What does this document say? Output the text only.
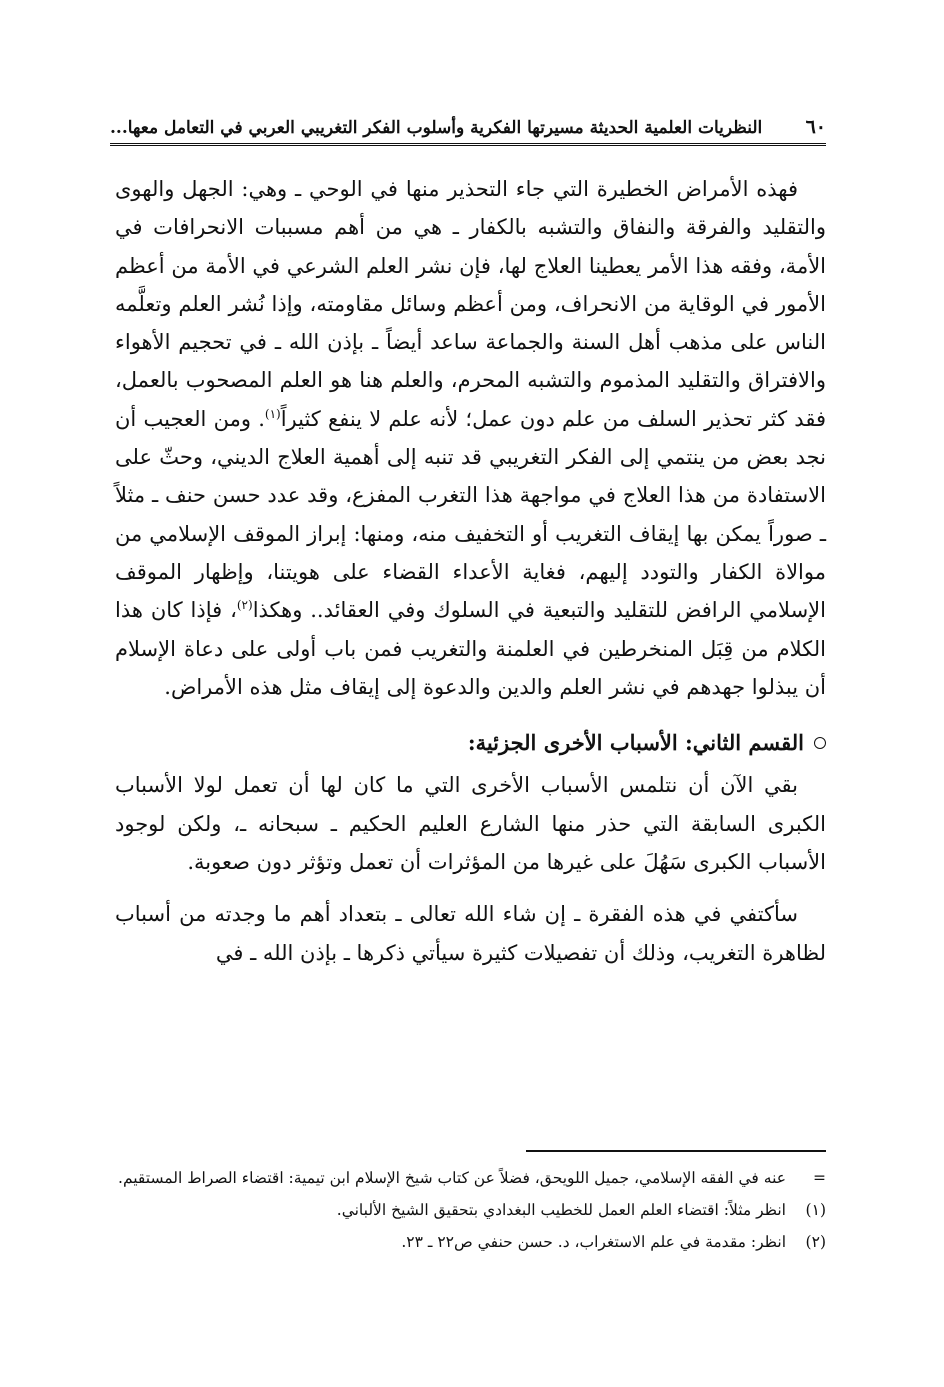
٦٠
النظريات العلمية الحديثة مسيرتها الفكرية وأسلوب الفكر التغريبي العربي في التعامل معها...

فهذه الأمراض الخطيرة التي جاء التحذير منها في الوحي ـ وهي: الجهل والهوى والتقليد والفرقة والنفاق والتشبه بالكفار ـ هي من أهم مسببات الانحرافات في الأمة، وفقه هذا الأمر يعطينا العلاج لها، فإن نشر العلم الشرعي في الأمة من أعظم الأمور في الوقاية من الانحراف، ومن أعظم وسائل مقاومته، وإذا نُشر العلم وتعلَّمه الناس على مذهب أهل السنة والجماعة ساعد أيضاً ـ بإذن الله ـ في تحجيم الأهواء والافتراق والتقليد المذموم والتشبه المحرم، والعلم هنا هو العلم المصحوب بالعمل، فقد كثر تحذير السلف من علم دون عمل؛ لأنه علم لا ينفع كثيراً$^{(١)}$. ومن العجيب أن نجد بعض من ينتمي إلى الفكر التغريبي قد تنبه إلى أهمية العلاج الديني، وحثّ على الاستفادة من هذا العلاج في مواجهة هذا التغرب المفزع، وقد عدد حسن حنف ـ مثلاً ـ صوراً يمكن بها إيقاف التغريب أو التخفيف منه، ومنها: إبراز الموقف الإسلامي من موالاة الكفار والتودد إليهم، فغاية الأعداء القضاء على هويتنا، وإظهار الموقف الإسلامي الرافض للتقليد والتبعية في السلوك وفي العقائد.. وهكذا$^{(٢)}$، فإذا كان هذا الكلام من قِبَل المنخرطين في العلمنة والتغريب فمن باب أولى على دعاة الإسلام أن يبذلوا جهدهم في نشر العلم والدين والدعوة إلى إيقاف مثل هذه الأمراض.

القسم الثاني: الأسباب الأخرى الجزئية:

بقي الآن أن نتلمس الأسباب الأخرى التي ما كان لها أن تعمل لولا الأسباب الكبرى السابقة التي حذر منها الشارع العليم الحكيم ـ سبحانه ـ، ولكن لوجود الأسباب الكبرى سَهُلَ على غيرها من المؤثرات أن تعمل وتؤثر دون صعوبة.

سأكتفي في هذه الفقرة ـ إن شاء الله تعالى ـ بتعداد أهم ما وجدته من أسباب لظاهرة التغريب، وذلك أن تفصيلات كثيرة سيأتي ذكرها ـ بإذن الله ـ في

=
عنه في الفقه الإسلامي، جميل اللويحق، فضلاً عن كتاب شيخ الإسلام ابن تيمية: اقتضاء الصراط المستقيم.
(١)
انظر مثلاً: اقتضاء العلم العمل للخطيب البغدادي بتحقيق الشيخ الألباني.
(٢)
انظر: مقدمة في علم الاستغراب، د. حسن حنفي ص٢٢ ـ ٢٣.
